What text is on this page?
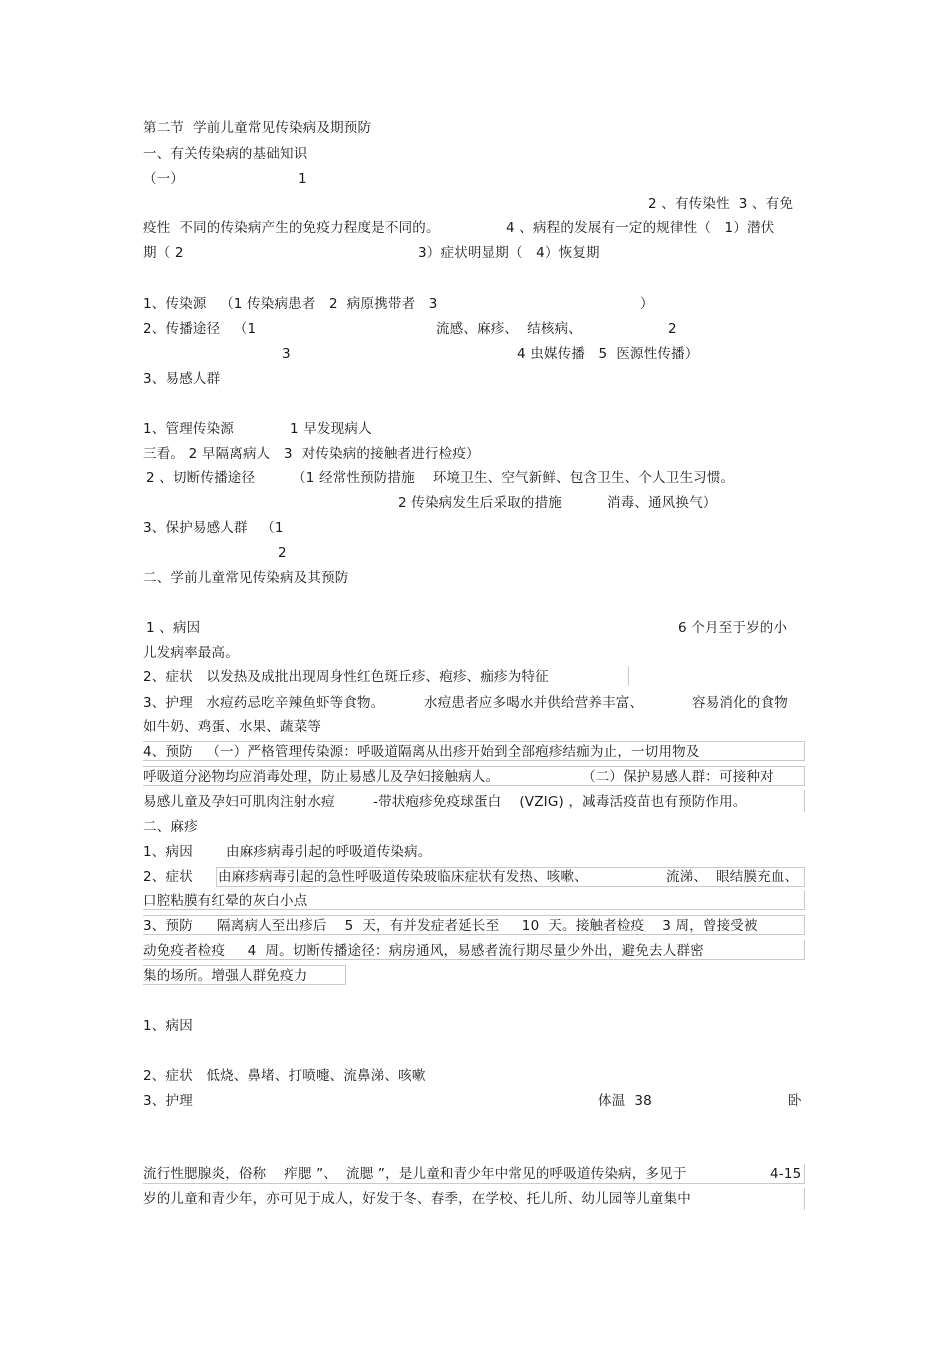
第二节  学前儿童常见传染病及期预防
一、有关传染病的基础知识
（一）	1
2 、有传染性  3 、有免
疫性  不同的传染病产生的免疫力程度是不同的。	4 、病程的发展有一定的规律性（   1）潜伏
期（ 2	3）症状明显期（   4）恢复期
1、传染源   （1 传染病患者   2  病原携带者   3	）
2、传播途径   （1	流感、麻疹、  结核病、	2
3	4 虫媒传播   5  医源性传播）
3、易感人群
1、管理传染源	1 早发现病人
三看。 2 早隔离病人   3  对传染病的接触者进行检疫）
2 、切断传播途径	（1 经常性预防措施    环境卫生、空气新鲜、包含卫生、个人卫生习惯。
2 传染病发生后采取的措施	消毒、通风换气）
3、保护易感人群   （1
2
二、学前儿童常见传染病及其预防
1 、病因	6 个月至于岁的小
儿发病率最高。
2、症状   以发热及成批出现周身性红色斑丘疹、疱疹、痂疹为特征
3、护理   水痘药忌吃辛辣鱼虾等食物。	水痘患者应多喝水并供给营养丰富、	容易消化的食物
如牛奶、鸡蛋、水果、蔬菜等
4、预防   （一）严格管理传染源：呼吸道隔离从出疹开始到全部疱疹结痂为止，一切用物及
呼吸道分泌物均应消毒处理，防止易感儿及孕妇接触病人。	（二）保护易感人群：可接种对
易感儿童及孕妇可肌肉注射水痘	-带状疱疹免疫球蛋白    (VZIG) ，减毒活疫苗也有预防作用。
二、麻疹
1、病因 由麻疹病毒引起的呼吸道传染病。
2、症状 由麻疹病毒引起的急性呼吸道传染玻临床症状有发热、咳嗽、	流涕、  眼结膜充血、
口腔粘膜有红晕的灰白小点
3、预防 隔离病人至出疹后    5  天，有并发症者延长至     10  天。接触者检疫    3 周，曾接受被
动免疫者检疫     4  周。切断传播途径：病房通风，易感者流行期尽量少外出，避免去人群密
集的场所。增强人群免疫力
1、病因
2、症状   低烧、鼻堵、打喷嚏、流鼻涕、咳嗽
3、护理	体温  38	卧
流行性腮腺炎，俗称    痄腮 ”、  流腮 ”，是儿童和青少年中常见的呼吸道传染病，多见于	4-15
岁的儿童和青少年，亦可见于成人，好发于冬、春季，在学校、托儿所、幼儿园等儿童集中
